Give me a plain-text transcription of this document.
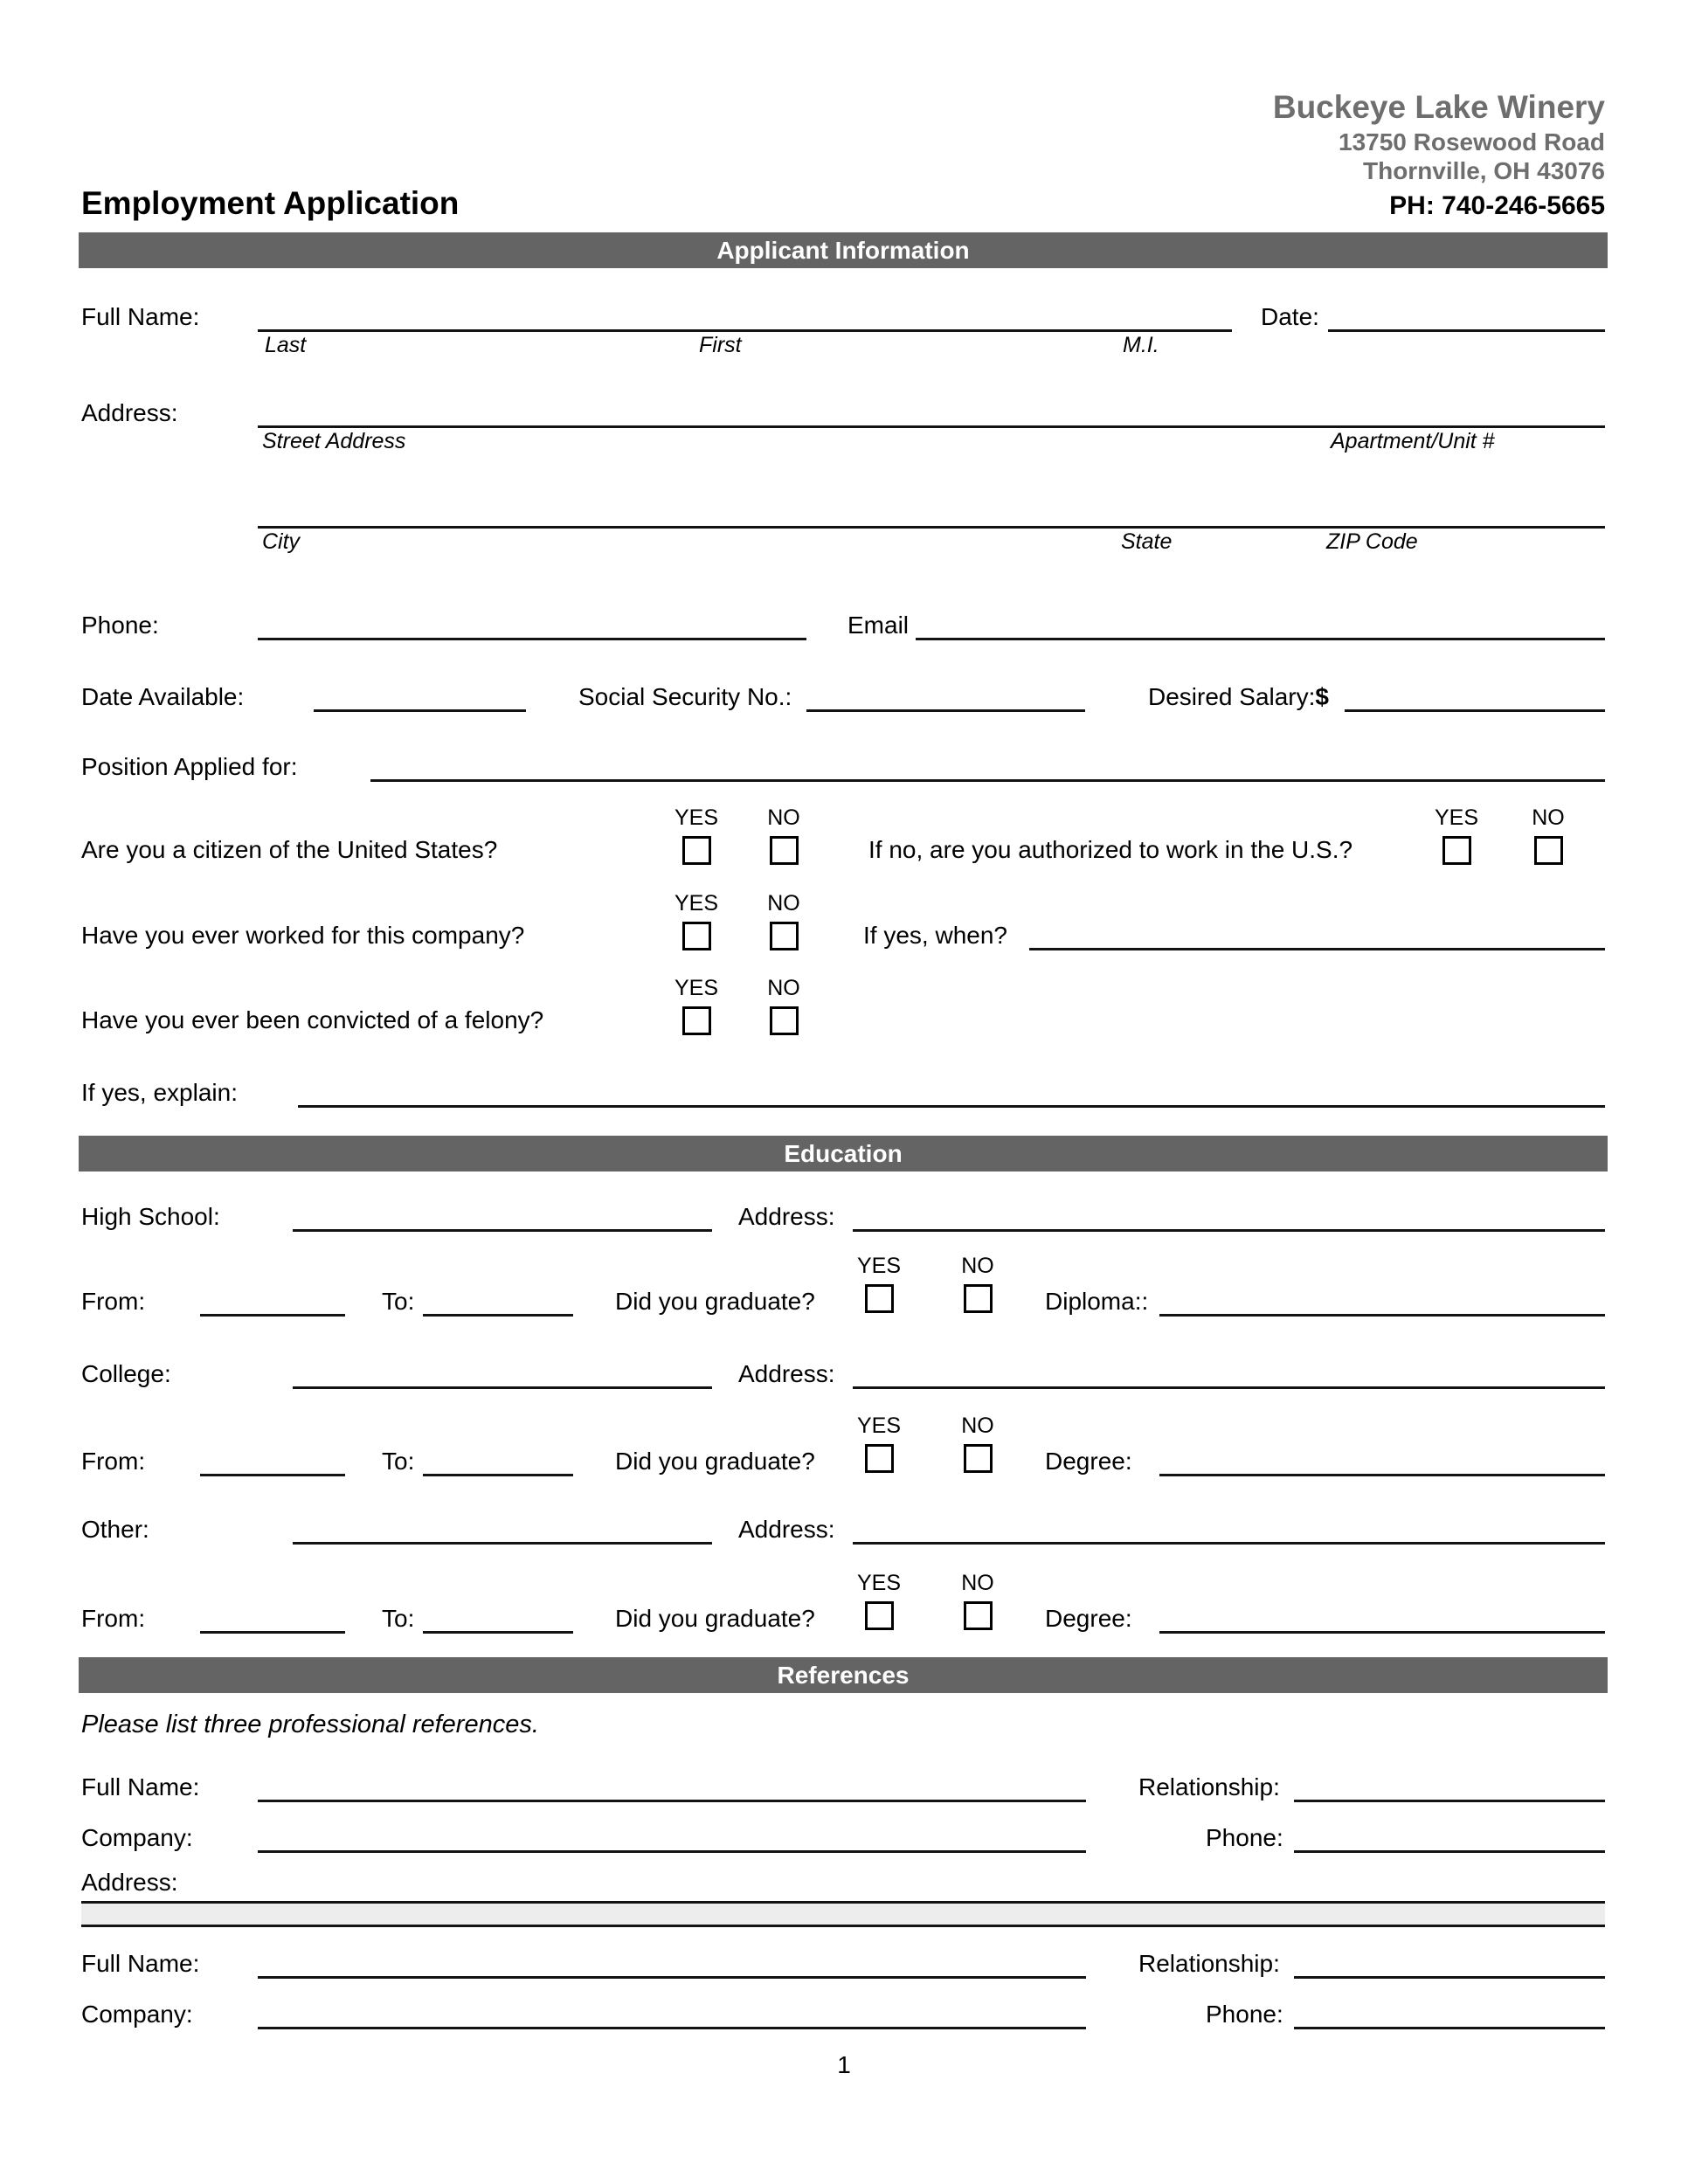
Buckeye Lake Winery
13750 Rosewood Road
Thornville, OH 43076
PH: 740-246-5665
Employment Application
Applicant Information
Full Name:
Last	First	M.I.
Date:
Address:
Street Address	Apartment/Unit #
City	State	ZIP Code
Phone:	Email
Date Available:	Social Security No.:	Desired Salary:$
Position Applied for:
Are you a citizen of the United States?
YES NO
If no, are you authorized to work in the U.S.?
YES NO
Have you ever worked for this company?
YES NO
If yes, when?
Have you ever been convicted of a felony?
YES NO
If yes, explain:
Education
High School:	Address:
From:	To:	Did you graduate?
YES	NO
Diploma::
College:	Address:
From:	To:	Did you graduate?
YES	NO
Degree:
Other:	Address:
From:	To:	Did you graduate?
YES	NO
Degree:
References
Please list three professional references.
Full Name:	Relationship:
Company:	Phone:
Address:
Full Name:	Relationship:
Company:	Phone:
1
